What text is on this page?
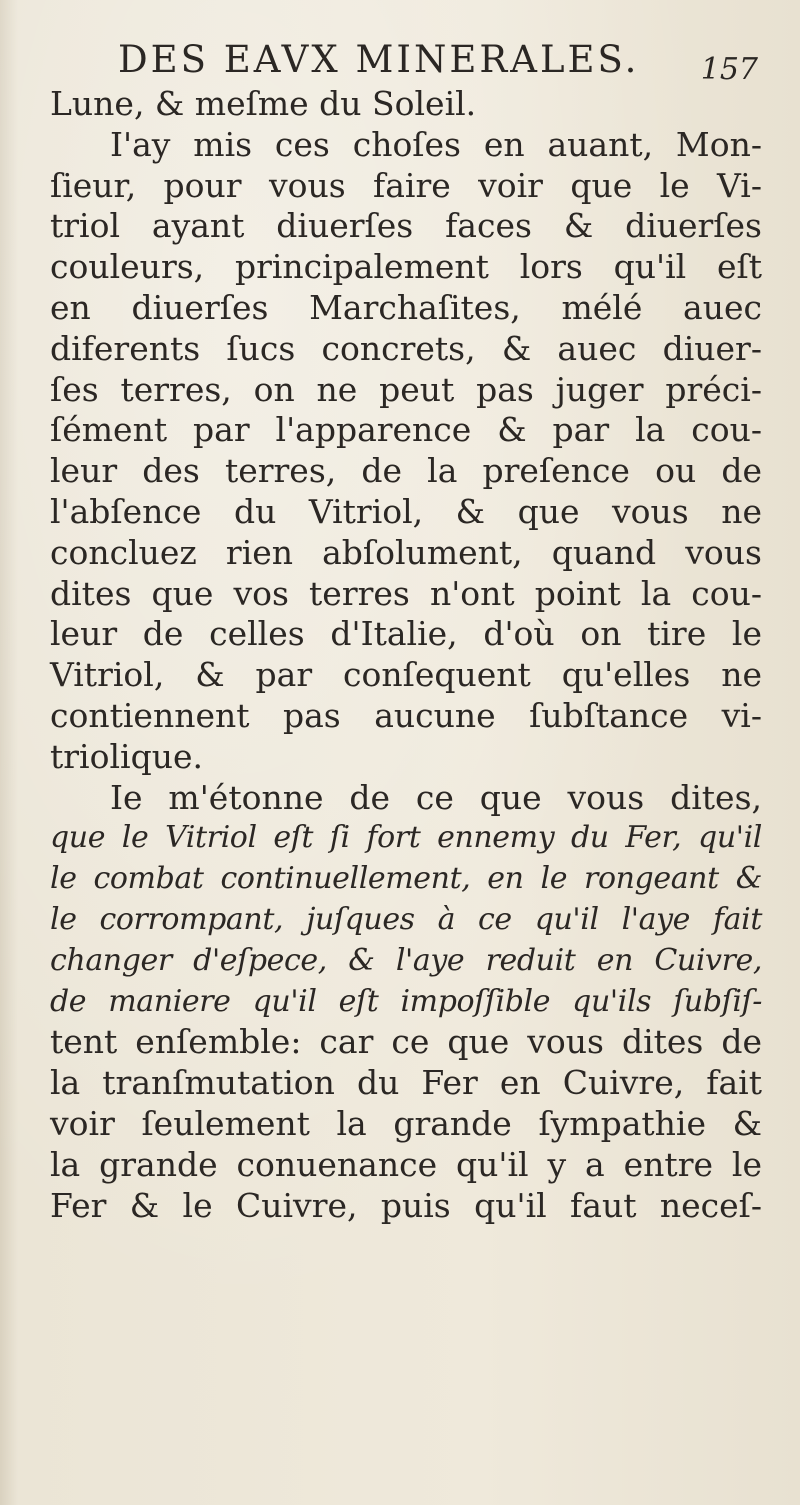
DES EAVX MINERALES. 157
Lune, & meſme du Soleil.
I'ay mis ces choſes en auant, Mon-
ſieur, pour vous faire voir que le Vi-
triol ayant diuerſes faces & diuerſes
couleurs, principalement lors qu'il eſt
en diuerſes Marchaſites, mélé auec
diferents ſucs concrets, & auec diuer-
ſes terres, on ne peut pas juger préci-
ſément par l'apparence & par la cou-
leur des terres, de la preſence ou de
l'abſence du Vitriol, & que vous ne
concluez rien abſolument, quand vous
dites que vos terres n'ont point la cou-
leur de celles d'Italie, d'où on tire le
Vitriol, & par conſequent qu'elles ne
contiennent pas aucune ſubſtance vi-
triolique.
Ie m'étonne de ce que vous dites,
que le Vitriol eſt ſi fort ennemy du Fer, qu'il
le combat continuellement, en le rongeant &
le corrompant, juſques à ce qu'il l'aye fait
changer d'eſpece, & l'aye reduit en Cuivre,
de maniere qu'il eſt impoſſible qu'ils ſubſiſ-
tent enſemble: car ce que vous dites de
la tranſmutation du Fer en Cuivre, fait
voir ſeulement la grande ſympathie &
la grande conuenance qu'il y a entre le
Fer & le Cuivre, puis qu'il faut neceſ-
